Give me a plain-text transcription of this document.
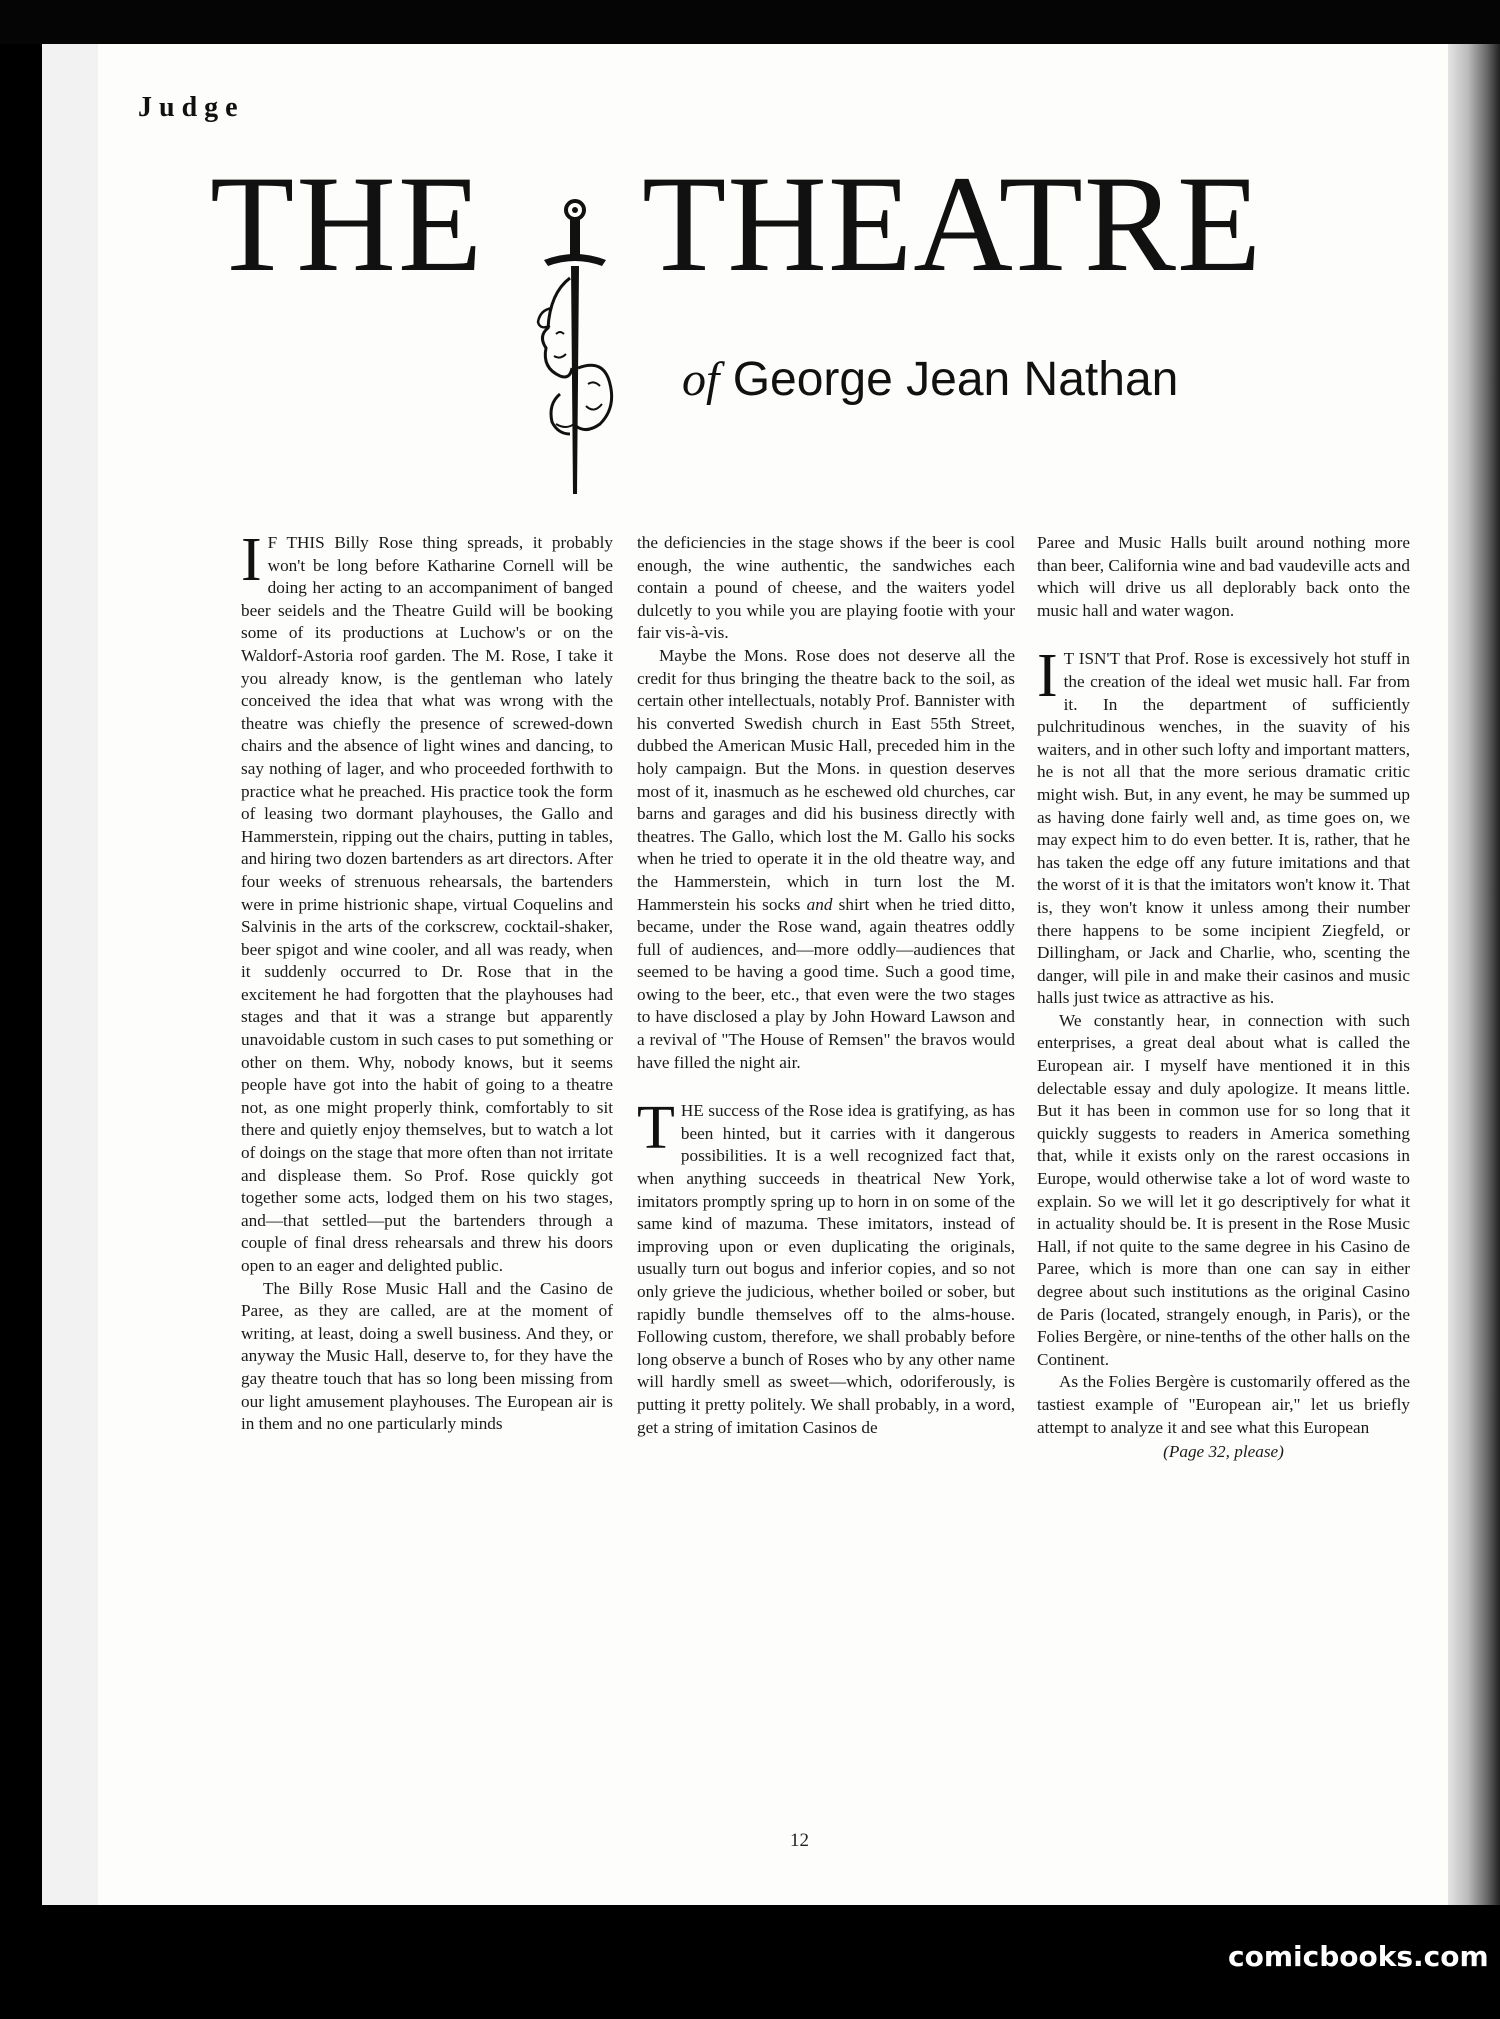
Judge
THE THEATRE
of George Jean Nathan

I F THIS Billy Rose thing spreads, it probably won't be long before Katharine Cornell will be doing her acting to an accompaniment of banged beer seidels and the Theatre Guild will be booking some of its productions at Luchow's or on the Waldorf-Astoria roof garden. The M. Rose, I take it you already know, is the gentleman who lately conceived the idea that what was wrong with the theatre was chiefly the presence of screwed-down chairs and the absence of light wines and dancing, to say nothing of lager, and who proceeded forthwith to practice what he preached. His practice took the form of leasing two dormant playhouses, the Gallo and Hammerstein, ripping out the chairs, putting in tables, and hiring two dozen bartenders as art directors. After four weeks of strenuous rehearsals, the bartenders were in prime histrionic shape, virtual Coquelins and Salvinis in the arts of the corkscrew, cocktail-shaker, beer spigot and wine cooler, and all was ready, when it suddenly occurred to Dr. Rose that in the excitement he had forgotten that the playhouses had stages and that it was a strange but apparently unavoidable custom in such cases to put something or other on them. Why, nobody knows, but it seems people have got into the habit of going to a theatre not, as one might properly think, comfortably to sit there and quietly enjoy themselves, but to watch a lot of doings on the stage that more often than not irritate and displease them. So Prof. Rose quickly got together some acts, lodged them on his two stages, and—that settled—put the bartenders through a couple of final dress rehearsals and threw his doors open to an eager and delighted public.

The Billy Rose Music Hall and the Casino de Paree, as they are called, are at the moment of writing, at least, doing a swell business. And they, or anyway the Music Hall, deserve to, for they have the gay theatre touch that has so long been missing from our light amusement playhouses. The European air is in them and no one particularly minds

the deficiencies in the stage shows if the beer is cool enough, the wine authentic, the sandwiches each contain a pound of cheese, and the waiters yodel dulcetly to you while you are playing footie with your fair vis-à-vis.

Maybe the Mons. Rose does not deserve all the credit for thus bringing the theatre back to the soil, as certain other intellectuals, notably Prof. Bannister with his converted Swedish church in East 55th Street, dubbed the American Music Hall, preceded him in the holy campaign. But the Mons. in question deserves most of it, inasmuch as he eschewed old churches, car barns and garages and did his business directly with theatres. The Gallo, which lost the M. Gallo his socks when he tried to operate it in the old theatre way, and the Hammerstein, which in turn lost the M. Hammerstein his socks and shirt when he tried ditto, became, under the Rose wand, again theatres oddly full of audiences, and—more oddly—audiences that seemed to be having a good time. Such a good time, owing to the beer, etc., that even were the two stages to have disclosed a play by John Howard Lawson and a revival of "The House of Remsen" the bravos would have filled the night air.

THE success of the Rose idea is gratifying, as has been hinted, but it carries with it dangerous possibilities. It is a well recognized fact that, when anything succeeds in theatrical New York, imitators promptly spring up to horn in on some of the same kind of mazuma. These imitators, instead of improving upon or even duplicating the originals, usually turn out bogus and inferior copies, and so not only grieve the judicious, whether boiled or sober, but rapidly bundle themselves off to the alms-house. Following custom, therefore, we shall probably before long observe a bunch of Roses who by any other name will hardly smell as sweet—which, odoriferously, is putting it pretty politely. We shall probably, in a word, get a string of imitation Casinos de

Paree and Music Halls built around nothing more than beer, California wine and bad vaudeville acts and which will drive us all deplorably back onto the music hall and water wagon.

I T ISN'T that Prof. Rose is excessively hot stuff in the creation of the ideal wet music hall. Far from it. In the department of sufficiently pulchritudinous wenches, in the suavity of his waiters, and in other such lofty and important matters, he is not all that the more serious dramatic critic might wish. But, in any event, he may be summed up as having done fairly well and, as time goes on, we may expect him to do even better. It is, rather, that he has taken the edge off any future imitations and that the worst of it is that the imitators won't know it. That is, they won't know it unless among their number there happens to be some incipient Ziegfeld, or Dillingham, or Jack and Charlie, who, scenting the danger, will pile in and make their casinos and music halls just twice as attractive as his.

We constantly hear, in connection with such enterprises, a great deal about what is called the European air. I myself have mentioned it in this delectable essay and duly apologize. It means little. But it has been in common use for so long that it quickly suggests to readers in America something that, while it exists only on the rarest occasions in Europe, would otherwise take a lot of word waste to explain. So we will let it go descriptively for what it in actuality should be. It is present in the Rose Music Hall, if not quite to the same degree in his Casino de Paree, which is more than one can say in either degree about such institutions as the original Casino de Paris (located, strangely enough, in Paris), or the Folies Bergère, or nine-tenths of the other halls on the Continent.

As the Folies Bergère is customarily offered as the tastiest example of "European air," let us briefly attempt to analyze it and see what this European

(Page 32, please)
12
comicbooks.com
